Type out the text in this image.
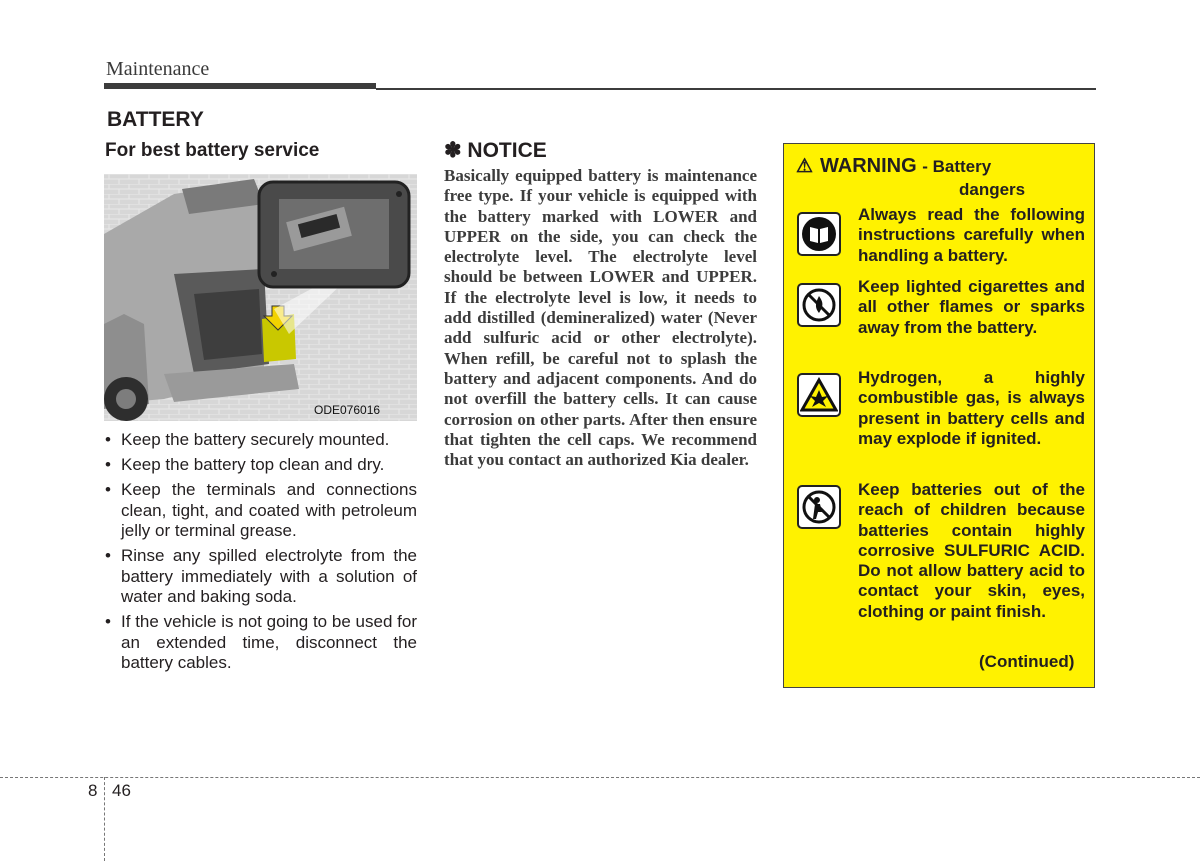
Maintenance
BATTERY
For best battery service
ODE076016
• Keep the battery securely mounted.
• Keep the battery top clean and dry.
• Keep the terminals and connections clean, tight, and coated with petroleum jelly or terminal grease.
• Rinse any spilled electrolyte from the battery immediately with a solution of water and baking soda.
• If the vehicle is not going to be used for an extended time, disconnect the battery cables.
✽ NOTICE

Basically equipped battery is maintenance free type. If your vehicle is equipped with the battery marked with LOWER and UPPER on the side, you can check the electrolyte level. The electrolyte level should be between LOWER and UPPER. If the electrolyte level is low, it needs to add distilled (demineralized) water (Never add sulfuric acid or other electrolyte). When refill, be careful not to splash the battery and adjacent components. And do not overfill the battery cells. It can cause corrosion on other parts. After then ensure that tighten the cell caps. We recommend that you contact an authorized Kia dealer.

⚠ WARNING - Battery
dangers

Always read the following instructions carefully when handling a battery.

Keep lighted cigarettes and all other flames or sparks away from the battery.

Hydrogen, a highly combustible gas, is always present in battery cells and may explode if ignited.

Keep batteries out of the reach of children because batteries contain highly corrosive SULFURIC ACID. Do not allow battery acid to contact your skin, eyes, clothing or paint finish.

(Continued)
8 46
